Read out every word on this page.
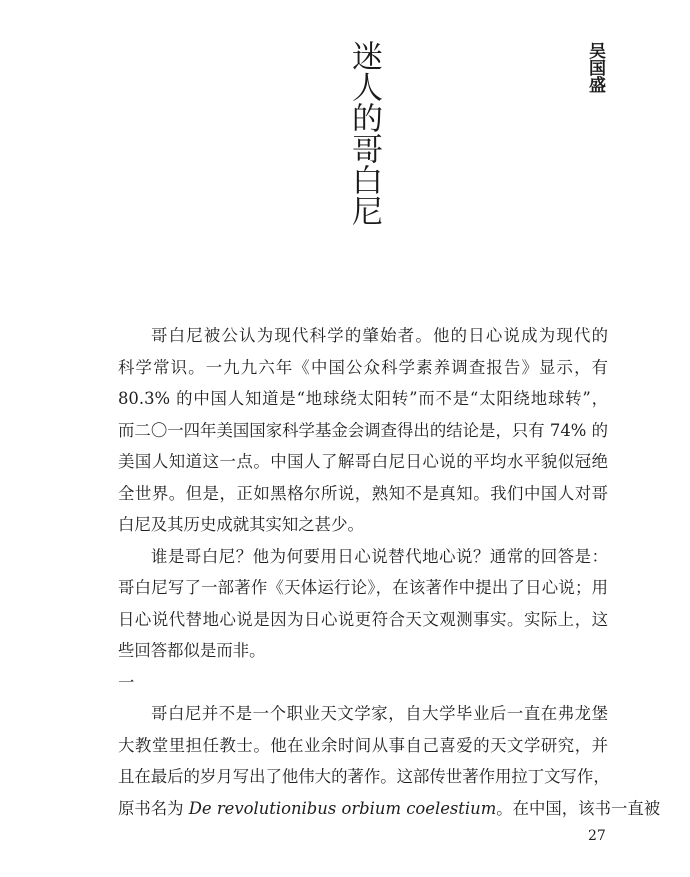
迷人的哥白尼	吴国盛
哥白尼被公认为现代科学的肇始者。他的日心说成为现代的
科学常识。一九九六年《中国公众科学素养调查报告》显示，有
80.3% 的中国人知道是“地球绕太阳转”而不是“太阳绕地球转”，
而二〇一四年美国国家科学基金会调查得出的结论是，只有 74% 的
美国人知道这一点。中国人了解哥白尼日心说的平均水平貌似冠绝
全世界。但是，正如黑格尔所说，熟知不是真知。我们中国人对哥
白尼及其历史成就其实知之甚少。
谁是哥白尼？他为何要用日心说替代地心说？通常的回答是：
哥白尼写了一部著作《天体运行论》，在该著作中提出了日心说；用
日心说代替地心说是因为日心说更符合天文观测事实。实际上，这
些回答都似是而非。
一
哥白尼并不是一个职业天文学家，自大学毕业后一直在弗龙堡
大教堂里担任教士。他在业余时间从事自己喜爱的天文学研究，并
且在最后的岁月写出了他伟大的著作。这部传世著作用拉丁文写作，
原书名为 De revolutionibus orbium coelestium。在中国，该书一直被
27
